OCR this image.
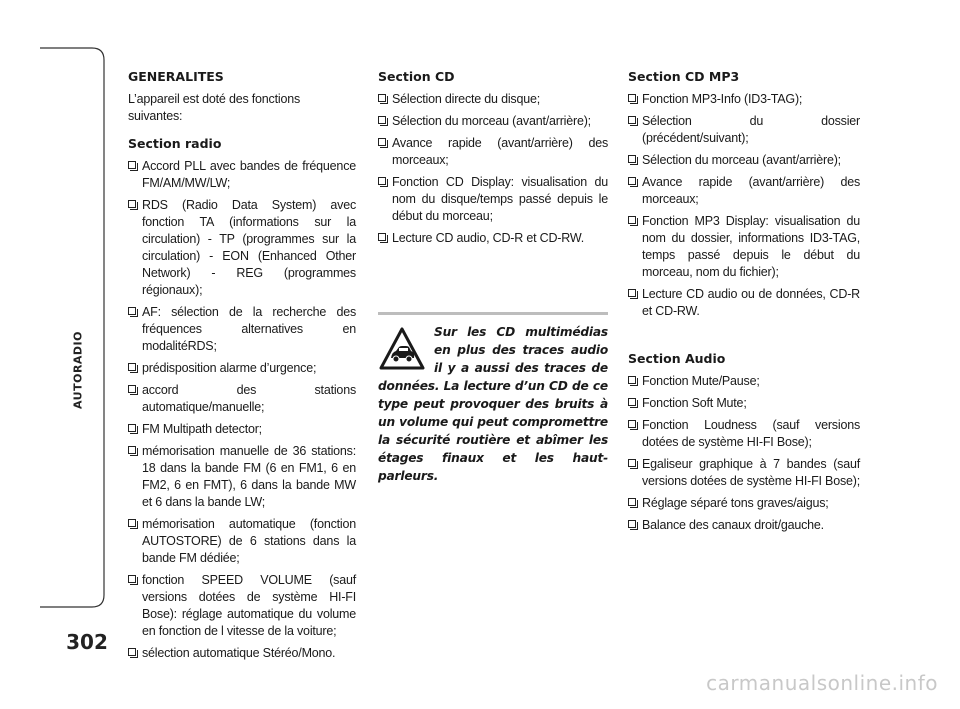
AUTORADIO
302
GENERALITES

L’appareil est doté des fonctions suivantes:

Section radio
Accord PLL avec bandes de fréquence FM/AM/MW/LW;
RDS (Radio Data System) avec fonction TA (informations sur la circulation) - TP (programmes sur la circulation) - EON (Enhanced Other Network) - REG (programmes régionaux);
AF: sélection de la recherche des fréquences alternatives en modalitéRDS;
prédisposition alarme d’urgence;
accord des stations automatique/manuelle;
FM Multipath detector;
mémorisation manuelle de 36 stations: 18 dans la bande FM (6 en FM1, 6 en FM2, 6 en FMT), 6 dans la bande MW et 6 dans la bande LW;
mémorisation automatique (fonction AUTOSTORE) de 6 stations dans la bande FM dédiée;
fonction SPEED VOLUME (sauf versions dotées de système HI-FI Bose): réglage automatique du volume en fonction de l vitesse de la voiture;
sélection automatique Stéréo/Mono.
Section CD
Sélection directe du disque;
Sélection du morceau (avant/arrière);
Avance rapide (avant/arrière) des morceaux;
Fonction CD Display: visualisation du nom du disque/temps passé depuis le début du morceau;
Lecture CD audio, CD-R et CD-RW.

Sur les CD multimédias en plus des traces audio il y a aussi des traces de données. La lecture d’un CD de ce type peut provoquer des bruits à un volume qui peut compromettre la sécurité routière et abîmer les étages finaux et les haut-parleurs.

Section CD MP3
Fonction MP3-Info (ID3-TAG);
Sélection du dossier (précédent/suivant);
Sélection du morceau (avant/arrière);
Avance rapide (avant/arrière) des morceaux;
Fonction MP3 Display: visualisation du nom du dossier, informations ID3-TAG, temps passé depuis le début du morceau, nom du fichier);
Lecture CD audio ou de données, CD-R et CD-RW.
Section Audio
Fonction Mute/Pause;
Fonction Soft Mute;
Fonction Loudness (sauf versions dotées de système HI-FI Bose);
Egaliseur graphique à 7 bandes (sauf versions dotées de système HI-FI Bose);
Réglage séparé tons graves/aigus;
Balance des canaux droit/gauche.
carmanualsonline.info
